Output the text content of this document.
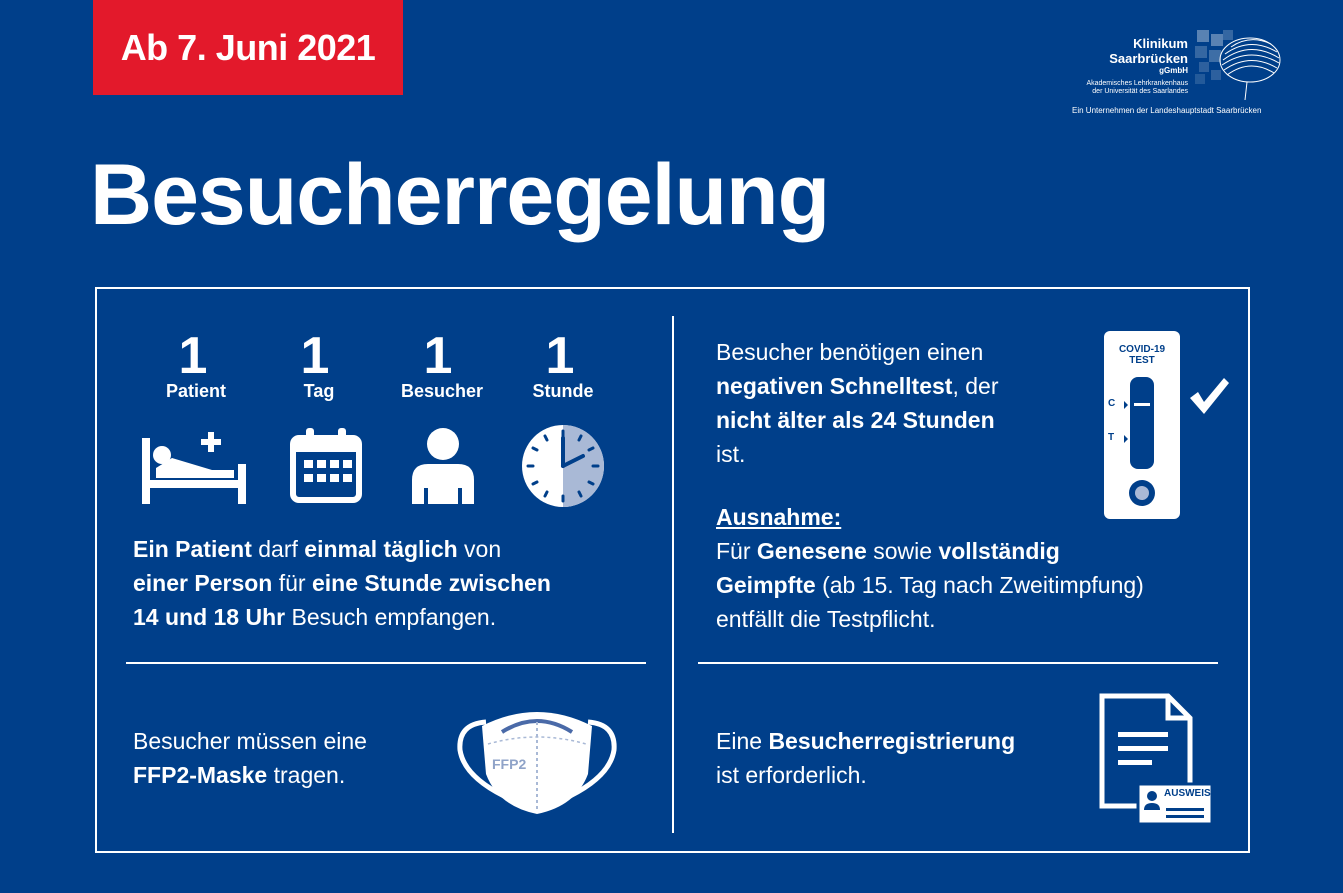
Ab 7. Juni 2021	Klinikum
Saarbrücken
gGmbH
Akademisches Lehrkrankenhaus
der Universität des Saarlandes
Ein Unternehmen der Landeshauptstadt Saarbrücken
Besucherregelung
1	1	1	1
Patient	Tag	Besucher	Stunde
Ein Patient darf einmal täglich von
einer Person für eine Stunde zwischen
14 und 18 Uhr Besuch empfangen.
Besucher benötigen einen
negativen Schnelltest, der
nicht älter als 24 Stunden
ist.
COVID-19
TEST
C
T
Ausnahme:
Für Genesene sowie vollständig
Geimpfte (ab 15. Tag nach Zweitimpfung)
entfällt die Testpflicht.
Besucher müssen eine
FFP2-Maske tragen.	FFP2
Eine Besucherregistrierung
ist erforderlich.
AUSWEIS
